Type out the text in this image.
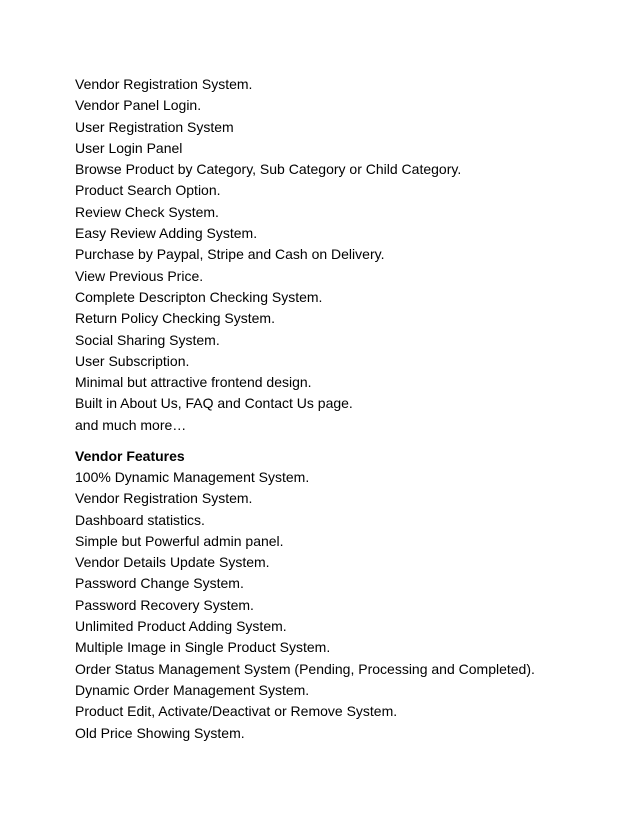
Vendor Registration System.
Vendor Panel Login.
User Registration System
User Login Panel
Browse Product by Category, Sub Category or Child Category.
Product Search Option.
Review Check System.
Easy Review Adding System.
Purchase by Paypal, Stripe and Cash on Delivery.
View Previous Price.
Complete Descripton Checking System.
Return Policy Checking System.
Social Sharing System.
User Subscription.
Minimal but attractive frontend design.
Built in About Us, FAQ and Contact Us page.
and much more…
Vendor Features
100% Dynamic Management System.
Vendor Registration System.
Dashboard statistics.
Simple but Powerful admin panel.
Vendor Details Update System.
Password Change System.
Password Recovery System.
Unlimited Product Adding System.
Multiple Image in Single Product System.
Order Status Management System (Pending, Processing and Completed).
Dynamic Order Management System.
Product Edit, Activate/Deactivat or Remove System.
Old Price Showing System.
